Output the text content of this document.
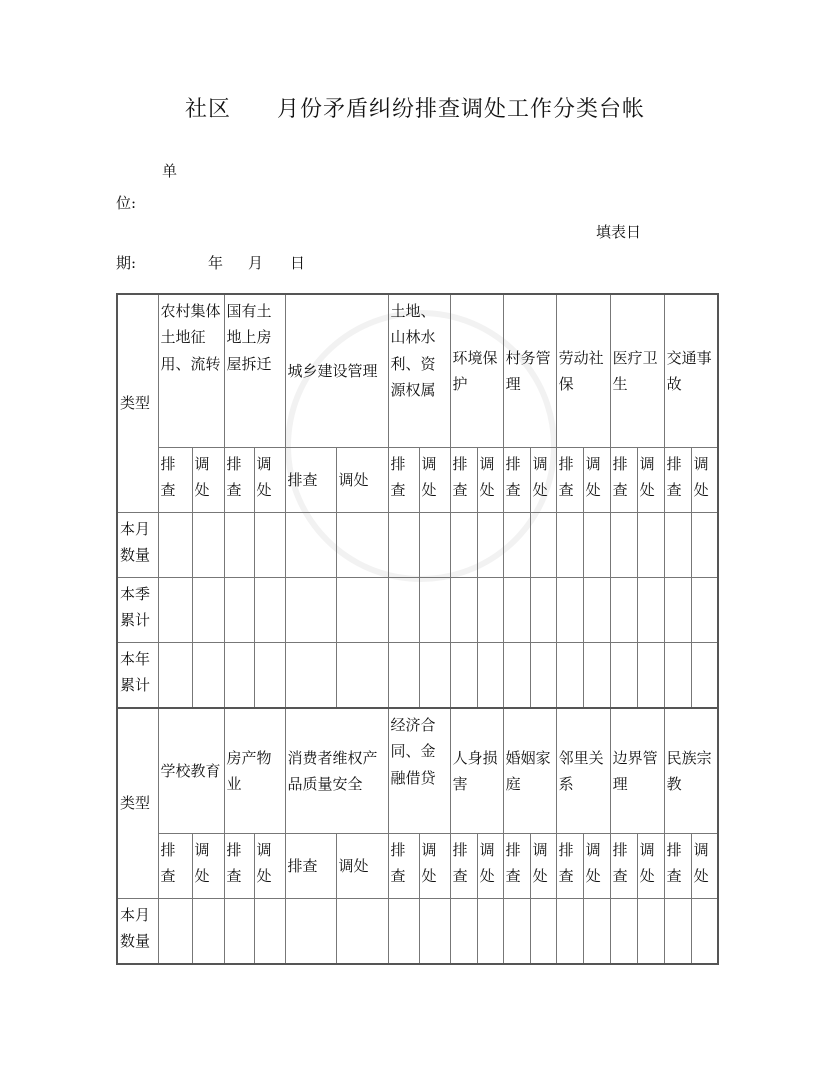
社区 月份矛盾纠纷排查调处工作分类台帐
单
位:
填表日
期:	年 月 日
类型	农村集体土地征用、流转		国有土地上房屋拆迁		城乡建设管理		土地、山林水利、资 源权属		环境保护		村务管理		劳动社保		医疗卫生		交通事故	
	排
查	调
处	排
查	调
处	排查	调处	排
查	调
处	排
查	调
处	排
查	调
处	排
查	调
处	排
查	调
处	排
查	调
处
本月数量																		
本季累计																		
本年累计																		
类型	学校教育		房产物业		消费者维权产品质量安全		经济合同、金融借贷		人身损害		婚姻家庭		邻里关系		边界管理		民族宗教	
	排
查	调
处	排
查	调
处	排查	调处	排
查	调
处	排
查	调
处	排
查	调
处	排
查	调
处	排
查	调
处	排
查	调
处
本月数量																		
